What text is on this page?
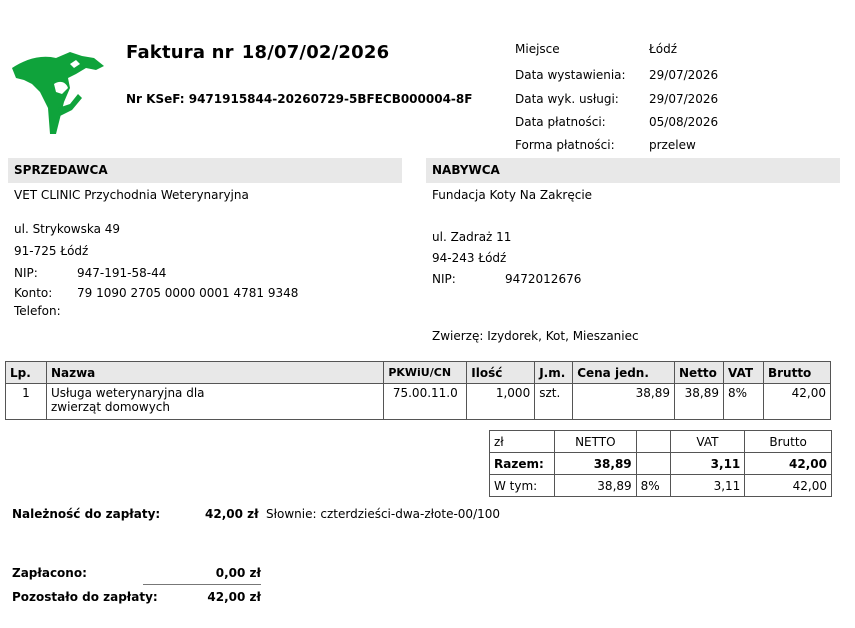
Faktura nr 18/07/02/2026
Nr KSeF: 9471915844-20260729-5BFECB000004-8F
Miejsce	Łódź
Data wystawienia: 29/07/2026
Data wyk. usługi:	29/07/2026
Data płatności:	05/08/2026
Forma płatności:	przelew
SPRZEDAWCA
VET CLINIC Przychodnia Weterynaryjna
ul. Strykowska 49
91-725 Łódź
NIP:	947-191-58-44
Konto: 79 1090 2705 0000 0001 4781 9348
Telefon:
NABYWCA
Fundacja Koty Na Zakręcie
ul. Zadraż 11
94-243 Łódź
NIP:	9472012676
Zwierzę: Izydorek, Kot, Mieszaniec
Lp.	Nazwa	PKWiU/CN	Ilość	J.m.	Cena jedn.	Netto	VAT	Brutto
1	Usługa weterynaryjna dla
zwierząt domowych	75.00.11.0	1,000	szt.	38,89	38,89	8%	42,00
zł	NETTO		VAT	Brutto
Razem:	38,89		3,11	42,00
W tym:	38,89	8%	3,11	42,00
Należność do zapłaty:	42,00 zł Słownie: czterdzieści-dwa-złote-00/100
Zapłacono:	0,00 zł
Pozostało do zapłaty:	42,00 zł
